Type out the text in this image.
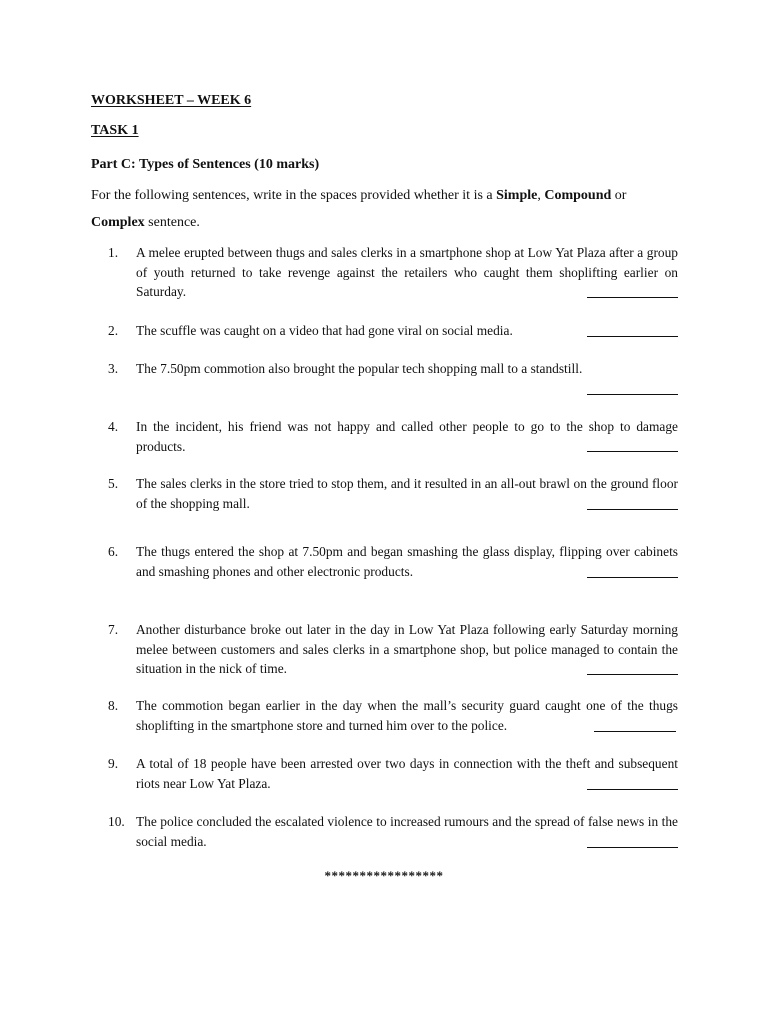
WORKSHEET – WEEK 6
TASK 1
Part C: Types of Sentences (10 marks)
For the following sentences, write in the spaces provided whether it is a Simple, Compound or
Complex sentence.
1.	A melee erupted between thugs and sales clerks in a smartphone shop at Low Yat Plaza after a group of youth returned to take revenge against the retailers who caught them shoplifting earlier on Saturday.
2.	The scuffle was caught on a video that had gone viral on social media.
3.	The 7.50pm commotion also brought the popular tech shopping mall to a standstill.
4.	In the incident, his friend was not happy and called other people to go to the shop to damage products.
5.	The sales clerks in the store tried to stop them, and it resulted in an all-out brawl on the ground floor of the shopping mall.
6.	The thugs entered the shop at 7.50pm and began smashing the glass display, flipping over cabinets and smashing phones and other electronic products.
7.	Another disturbance broke out later in the day in Low Yat Plaza following early Saturday morning melee between customers and sales clerks in a smartphone shop, but police managed to contain the situation in the nick of time.
8.	The commotion began earlier in the day when the mall’s security guard caught one of the thugs shoplifting in the smartphone store and turned him over to the police.
9.	A total of 18 people have been arrested over two days in connection with the theft and subsequent riots near Low Yat Plaza.
10. The police concluded the escalated violence to increased rumours and the spread of false news in the social media.
*****************
